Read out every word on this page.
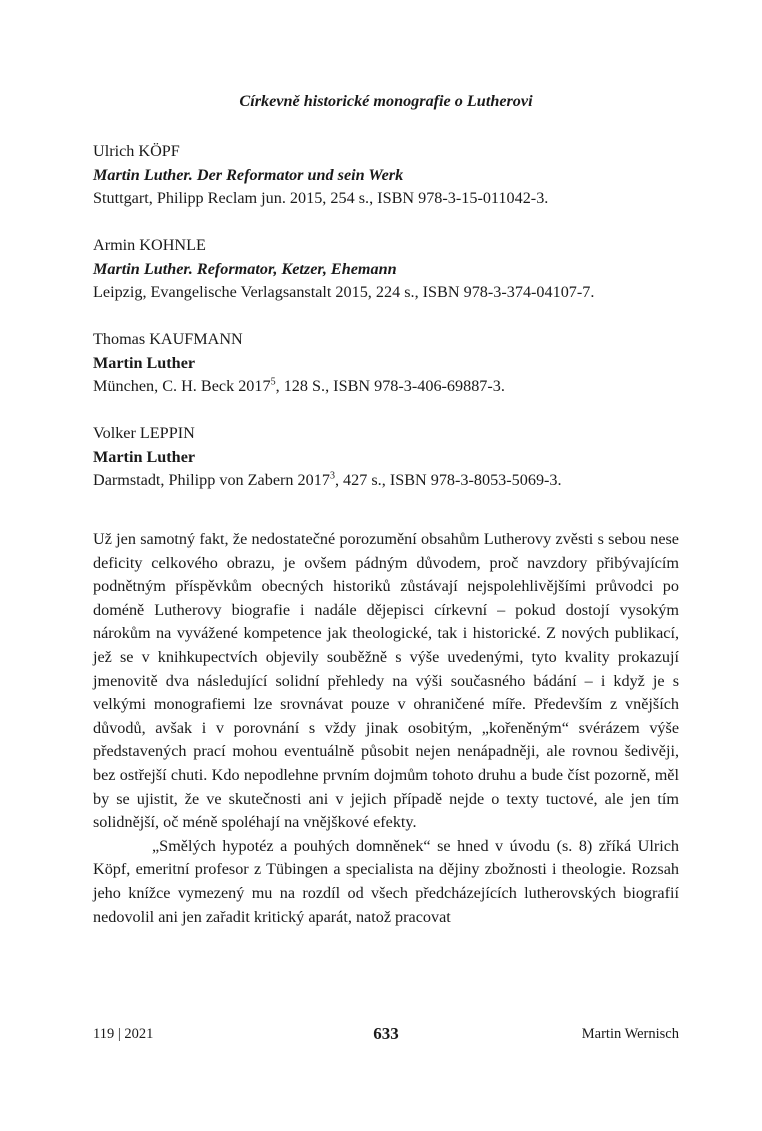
Církevně historické monografie o Lutherovi
Ulrich KÖPF
Martin Luther. Der Reformator und sein Werk
Stuttgart, Philipp Reclam jun. 2015, 254 s., ISBN 978-3-15-011042-3.
Armin KOHNLE
Martin Luther. Reformator, Ketzer, Ehemann
Leipzig, Evangelische Verlagsanstalt 2015, 224 s., ISBN 978-3-374-04107-7.
Thomas KAUFMANN
Martin Luther
München, C. H. Beck 2017$^5$, 128 S., ISBN 978-3-406-69887-3.
Volker LEPPIN
Martin Luther
Darmstadt, Philipp von Zabern 2017$^3$, 427 s., ISBN 978-3-8053-5069-3.

Už jen samotný fakt, že nedostatečné porozumění obsahům Lutherovy zvěsti s sebou nese deficity celkového obrazu, je ovšem pádným důvodem, proč navzdory přibývajícím podnětným příspěvkům obecných historiků zůstávají nejspolehlivějšími průvodci po doméně Lutherovy biografie i nadále dějepisci církevní – pokud dostojí vysokým nárokům na vyvážené kompetence jak theologické, tak i historické. Z nových publikací, jež se v knihkupectvích objevily souběžně s výše uvedenými, tyto kvality prokazují jmenovitě dva následující solidní přehledy na výši současného bádání – i když je s velkými monografiemi lze srovnávat pouze v ohraničené míře. Především z vnějších důvodů, avšak i v porovnání s vždy jinak osobitým, „kořeněným“ svérázem výše představených prací mohou eventuálně působit nejen nenápadněji, ale rovnou šedivěji, bez ostřejší chuti. Kdo nepodlehne prvním dojmům tohoto druhu a bude číst pozorně, měl by se ujistit, že ve skutečnosti ani v jejich případě nejde o texty tuctové, ale jen tím solidnější, oč méně spoléhají na vnějškové efekty.

„Smělých hypotéz a pouhých domněnek“ se hned v úvodu (s. 8) zříká Ulrich Köpf, emeritní profesor z Tübingen a specialista na dějiny zbožnosti i theologie. Rozsah jeho knížce vymezený mu na rozdíl od všech předcházejících lutherovských biografií nedovolil ani jen zařadit kritický aparát, natož pracovat

119 | 2021	633	Martin Wernisch
